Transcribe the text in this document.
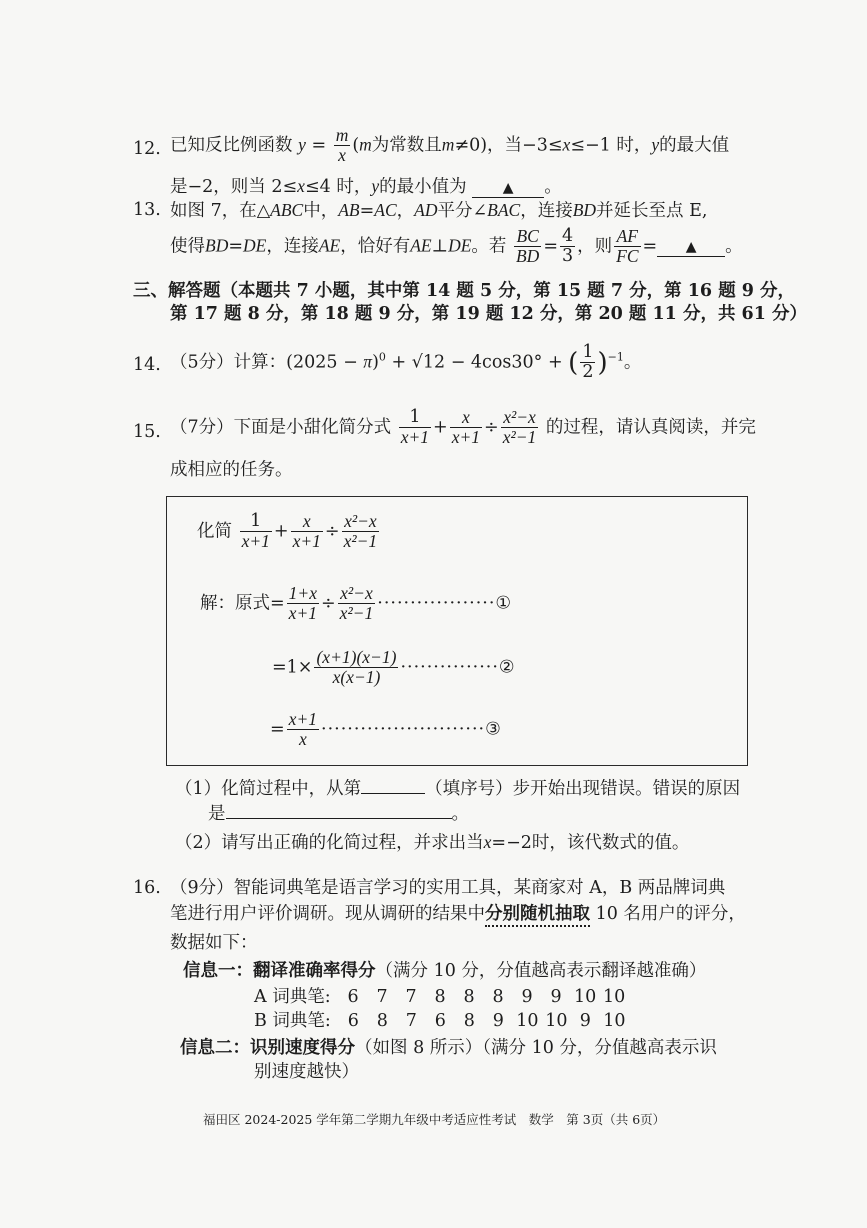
12. 已知反比例函数 $y = \frac{m}{x} (m$为常数且m≠0)，当−3≤x≤−1 时，y的最大值
是−2，则当 2≤x≤4 时，y的最小值为	▲ 。
13. 如图 7，在△ABC中，AB=AC，AD平分∠BAC，连接BD并延长至点 E,
使得BD=DE，连接AE，恰好有AE⊥DE。若 $\frac{BC}{BD} = \frac{4}{3}$ ，则 $\frac{AF}{FC}$ = ▲ 。
三、解答题（本题共 7 小题，其中第 14 题 5 分，第 15 题 7 分，第 16 题 9 分，
第 17 题 8 分，第 18 题 9 分，第 19 题 12 分，第 20 题 11 分，共 61 分）
14. （5分）计算：$(2025 - \pi)^0 + √12 - 4\cos 30^\circ$ + ( $\frac{1}{2} )^{-1}$。
15. （7分）下面是小甜化简分式 $\frac{1}{x+1} + \frac{x}{x+1} \div \frac{\text{x²−x}}{\text{x²−1}}$ 的过程，请认真阅读，并完
成相应的任务。
化简 $\frac{1}{x+1} + \frac{x}{x+1} \div \frac{\text{x²−x}}{\text{x²−1}}$
解：原式= $\frac{1+x}{x+1} \div \frac{\text{x²−x}}{\text{x²−1}}$ ··················①
$=1\times \frac{(x+1)(x-1)}{x(x-1)}$ ···············②
= $\frac{x+1}{x}$ ·························③
（1）化简过程中，从第	（填序号）步开始出现错误。错误的原因
是	。
（2）请写出正确的化简过程，并求出当x=−2时，该代数式的值。
16. （9分）智能词典笔是语言学习的实用工具，某商家对 A，B 两品牌词典
笔进行用户评价调研。现从调研的结果中分别随机抽取 10 名用户的评分，
数据如下：
信息一：翻译准确率得分（满分 10 分，分值越高表示翻译越准确）
A 词典笔: 6 7 7 8 8 8 9 9 10 10
B 词典笔: 6 8 7 6 8 9 10 10 9 10
信息二：识别速度得分（如图 8 所示）（满分 10 分，分值越高表示识
别速度越快）
福田区 2024-2025 学年第二学期九年级中考适应性考试　数学　第 3页（共 6页）
